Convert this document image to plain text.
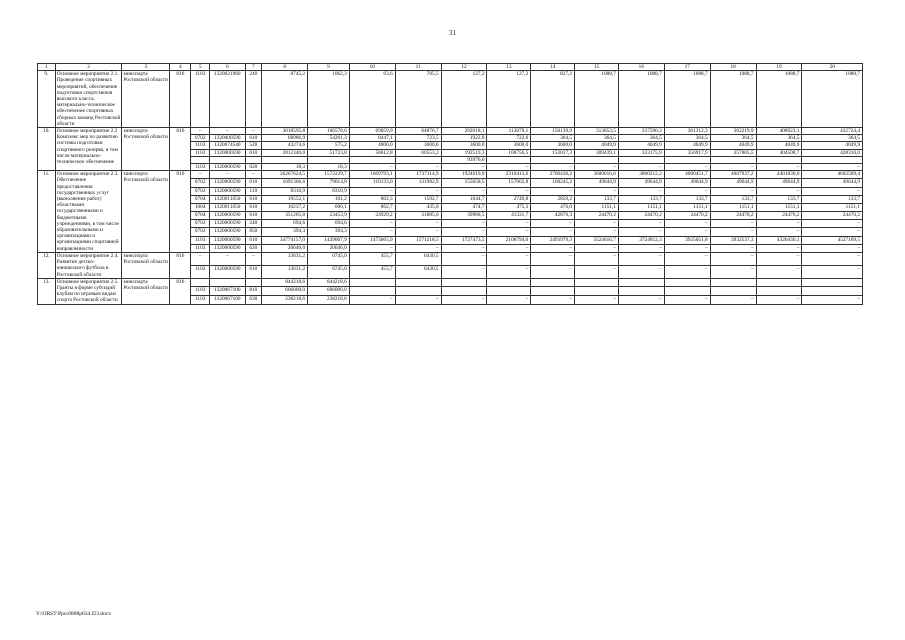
31
1	2	3	4	5	6	7	8	9	10	11	12	13	14	15	16	17	18	19	20
9.	Основное мероприятие 2.1. Проведение спортивных мероприятий, обеспечение подготовки спортсменов высокого класса, материально-техническое обеспечение спортивных сборных команд Ростовской области	минспорта Ростовской области	816	1103	1320021960	240	8745,2	1062,3	63,6	705,5	127,2	127,2	827,2	1088,7	1088,7	1088,7	1088,7	1088,7	1088,7
10.	Основное мероприятие 2.2 Комплекс мер по развитию системы подготовки спортивного резерва, в том числе материально-техническое обеспечение	минспорта Ростовской области	816	–	–	–	3018595,8	106578,6	69059,9	64876,7	292018,1	113079,1	156139,9	313853,5	337590,3	361312,3	362219,9	408923,1	432724,4
				0702	1320000590	610	68986,9	54261,3	8447,1	723,5	1922,8	722,6	364,5	364,5	364,5	364,5	364,5	364,5	364,5
				1103	1320074540	520	43274,6	575,2	4000,0	3600,0	3600,0	3600,0	3600,0	4049,9	4049,9	4049,9	4049,9	4049,9	4049,9
				1103	1320000590	610	2812340,0	51723,8	56612,8	60553,2	192519,3	108756,5	152017,3	309439,1	333175,9	356917,9	357805,5	404508,7	428310,0
											93976,0								
				1103	1320000590	620	18,3	18,3	–	–	–	–	–	–	–	–	–	–	–
11.	Основное мероприятие 2.3. Обеспечение предоставления государственных услуг (выполнение работ) областными государственными и бюджетными учреждениями, в том числе образовательными и организациями и организациями спортивной направленности	минспорта Ростовской области	816	–	–	–	36267624,5	1572229,7	1609793,1	1737114,9	1924619,9	2310413,6	2700436,2	3600016,6	3800212,2	4000451,7	4007937,2	4401830,0	4602569,4
				0702	1320000590	610	1091366,6	79014,8	110133,0	131982,9	155058,5	157062,8	160245,2	49644,9	49644,9	49644,9	49644,9	49644,9	49644,9
				0702	1320000590	110	8310,9	8310,9	–	–	–	–	–	–	–	–	–	–	–
				0704	1320011050	610	19552,1	101,2	802,3	1592,7	1644,7	2749,8	2859,2	133,7	133,7	133,7	133,7	133,7	133,7
				1004	1320011050	610	10237,2	606,1	862,7	435,8	474,7	475,3	476,0	1151,1	1151,1	1151,1	1151,1	1151,1	1151,1
				0704	1320000590	610	351265,8	23453,9	24929,2	31885,0	39968,5	41331,7	42876,3	24470,2	24470,2	24470,2	24470,2	24470,2	24470,2
				0702	1320000590	240	694,6	694,6	–	–	–	–	–	–	–	–	–	–	–
				0702	1320000590	850	394,3	394,3	–	–	–	–	–	–	–	–	–	–	–
				1103	1320000590	610	34774157,0	1439007,9	1473065,9	1571218,5	1727473,5	2108794,0	2493979,3	3524616,7	3724812,3	3925051,8	3932537,3	4326430,1	4527169,5
				1103	1320000590	620	20646,0	20646,0	–	–	–	–	–	–	–	–	–	–	–
12.	Основное мероприятие 2.4. Развитие детско-юношеского футбола в Ростовской области	минспорта Ростовской области	816	–	–	–	13631,2	6745,0	455,7	6430,5	–	–	–	–	–	–	–	–	–
				1102	1320000590	610	13631,2	6745,0	455,7	6430,5	–	–	–	–	–	–	–	–	–
13.	Основное мероприятие 2.5. Гранты в форме субсидий клубам по игровым видам спорта Ростовской области	минспорта Ростовской области	816				844218,6	844218,6											
				1103	1320067100	810	606000,0	606000,0											
				1103	1320067100	630	238218,6	238218,6	–	–	–	–	–	–	–	–	–	–	–
Y:\ORST\Ppo\0808p634.f23.docx
